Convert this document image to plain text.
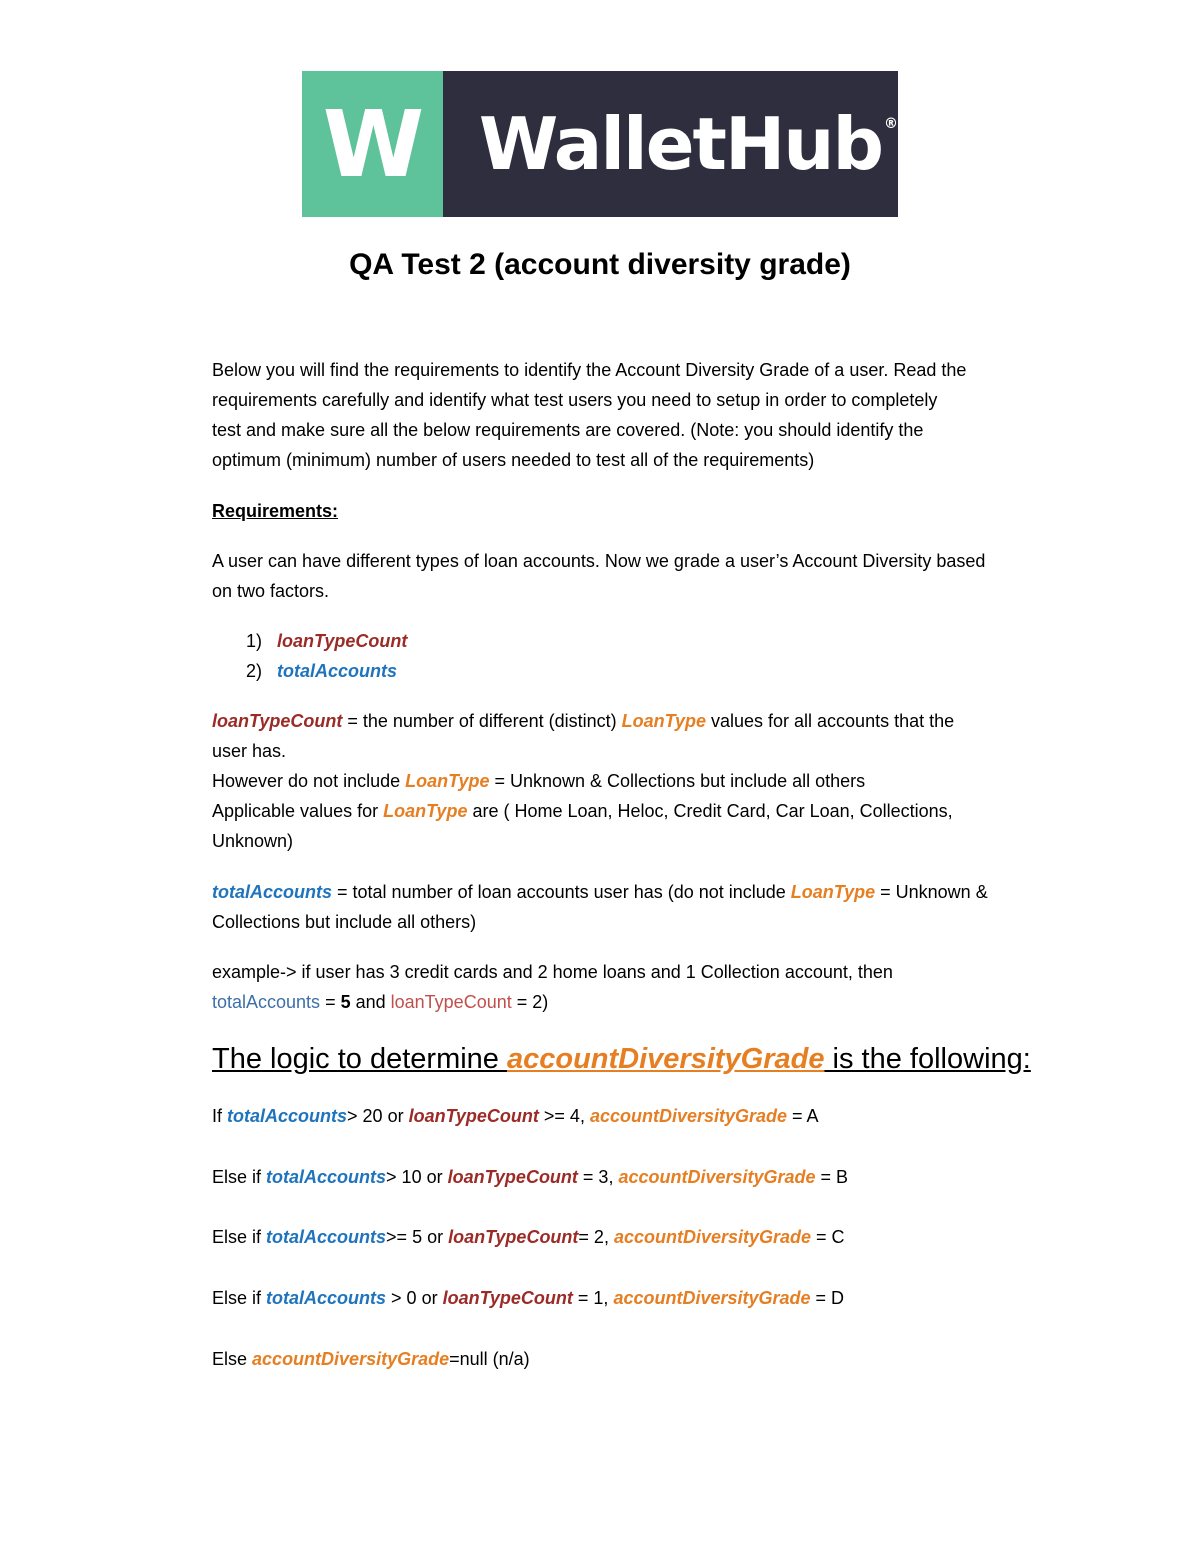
W WalletHub ®
QA Test 2 (account diversity grade)

Below you will find the requirements to identify the Account Diversity Grade of a user. Read the

requirements carefully and identify what test users you need to setup in order to completely

test and make sure all the below requirements are covered. (Note: you should identify the

optimum (minimum) number of users needed to test all of the requirements)

Requirements:

A user can have different types of loan accounts. Now we grade a user’s Account Diversity based

on two factors.

1) loanTypeCount

2) totalAccounts

loanTypeCount = the number of different (distinct) LoanType values for all accounts that the

user has.

However do not include LoanType = Unknown & Collections but include all others

Applicable values for LoanType are ( Home Loan, Heloc, Credit Card, Car Loan, Collections,

Unknown)

totalAccounts = total number of loan accounts user has (do not include LoanType = Unknown &

Collections but include all others)

example-> if user has 3 credit cards and 2 home loans and 1 Collection account, then

totalAccounts = 5 and loanTypeCount = 2)

The logic to determine accountDiversityGrade is the following:
If totalAccounts> 20 or loanTypeCount >= 4, accountDiversityGrade = A
Else if totalAccounts> 10 or loanTypeCount = 3, accountDiversityGrade = B
Else if totalAccounts>= 5 or loanTypeCount= 2, accountDiversityGrade = C
Else if totalAccounts > 0 or loanTypeCount = 1, accountDiversityGrade = D
Else accountDiversityGrade=null (n/a)
